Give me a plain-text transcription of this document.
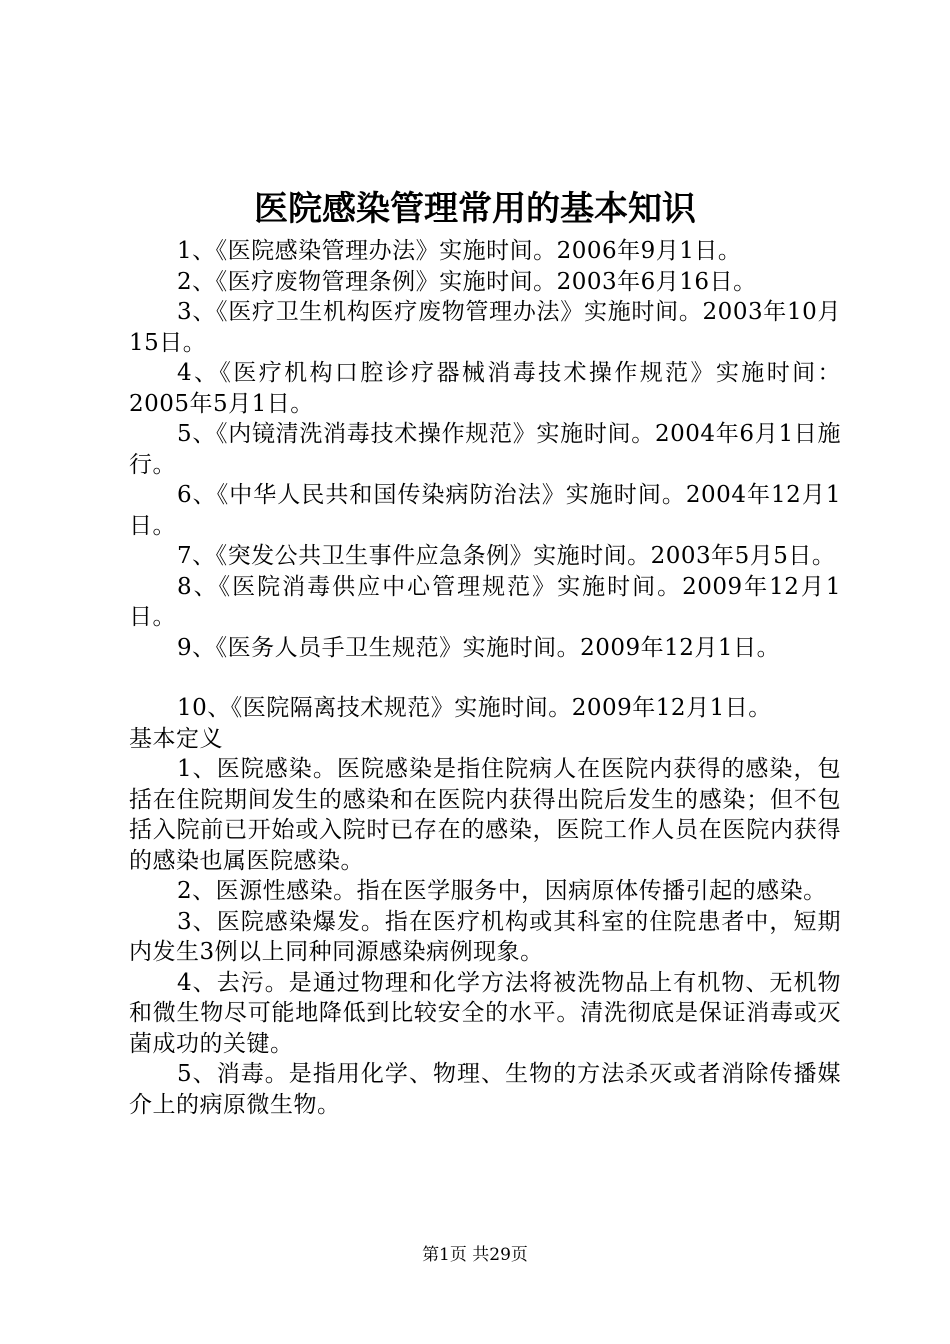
医院感染管理常用的基本知识

1、《医院感染管理办法》实施时间。2006年9月1日。

2、《医疗废物管理条例》实施时间。2003年6月16日。

3、《医疗卫生机构医疗废物管理办法》实施时间。2003年10月15日。

4、《医疗机构口腔诊疗器械消毒技术操作规范》实施时间：2005年5月1日。

5、《内镜清洗消毒技术操作规范》实施时间。2004年6月1日施行。

6、《中华人民共和国传染病防治法》实施时间。2004年12月1日。

7、《突发公共卫生事件应急条例》实施时间。2003年5月5日。

8、《医院消毒供应中心管理规范》实施时间。2009年12月1日。

9、《医务人员手卫生规范》实施时间。2009年12月1日。

10、《医院隔离技术规范》实施时间。2009年12月1日。

基本定义

1、医院感染。医院感染是指住院病人在医院内获得的感染，包括在住院期间发生的感染和在医院内获得出院后发生的感染；但不包括入院前已开始或入院时已存在的感染，医院工作人员在医院内获得的感染也属医院感染。

2、医源性感染。指在医学服务中，因病原体传播引起的感染。

3、医院感染爆发。指在医疗机构或其科室的住院患者中，短期内发生3例以上同种同源感染病例现象。

4、去污。是通过物理和化学方法将被洗物品上有机物、无机物和微生物尽可能地降低到比较安全的水平。清洗彻底是保证消毒或灭菌成功的关键。

5、消毒。是指用化学、物理、生物的方法杀灭或者消除传播媒介上的病原微生物。

第1页 共29页
